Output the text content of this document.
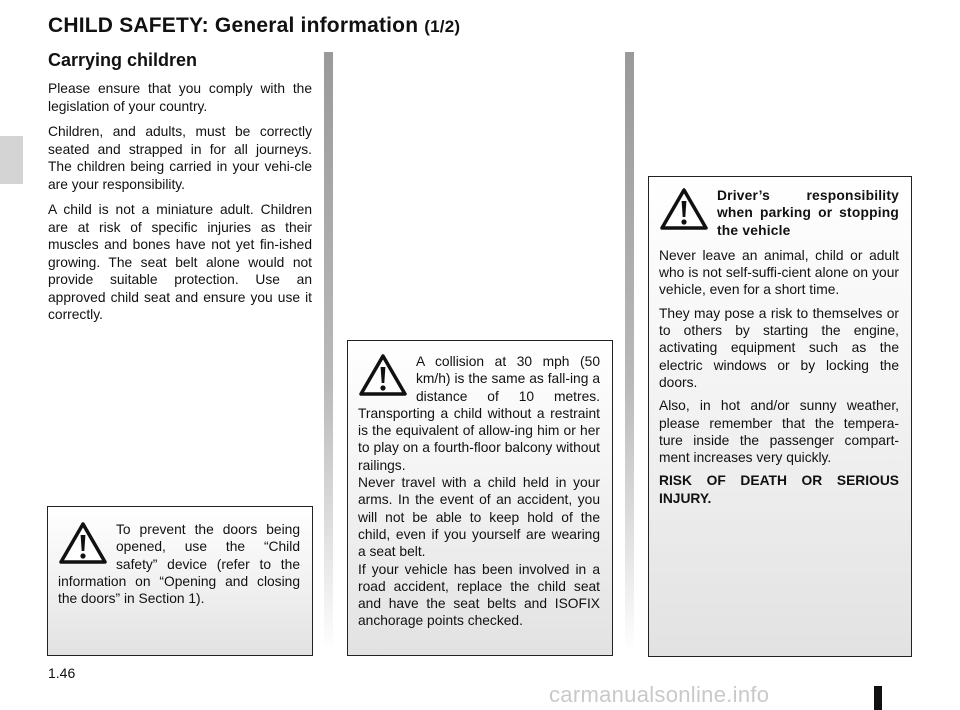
CHILD SAFETY: General information (1/2)
Carrying children

Please ensure that you comply with the legislation of your country.

Children, and adults, must be correctly seated and strapped in for all journeys. The children being carried in your vehi-cle are your responsibility.

A child is not a miniature adult. Children are at risk of specific injuries as their muscles and bones have not yet fin-ished growing. The seat belt alone would not provide suitable protection. Use an approved child seat and ensure you use it correctly.

To prevent the doors being opened, use the “Child safety” device (refer to the information on “Opening and closing the doors” in Section 1).

A collision at 30 mph (50 km/h) is the same as fall-ing a distance of 10 metres. Transporting a child without a restraint is the equivalent of allow-ing him or her to play on a fourth-floor balcony without railings.

Never travel with a child held in your arms. In the event of an accident, you will not be able to keep hold of the child, even if you yourself are wearing a seat belt.

If your vehicle has been involved in a road accident, replace the child seat and have the seat belts and ISOFIX anchorage points checked.

Driver’s responsibility when parking or stopping the vehicle

Never leave an animal, child or adult who is not self-suffi-cient alone on your vehicle, even for a short time.

They may pose a risk to themselves or to others by starting the engine, activating equipment such as the electric windows or by locking the doors.

Also, in hot and/or sunny weather, please remember that the tempera-ture inside the passenger compart-ment increases very quickly.

RISK OF DEATH OR SERIOUS INJURY.

1.46
carmanualsonline.info
